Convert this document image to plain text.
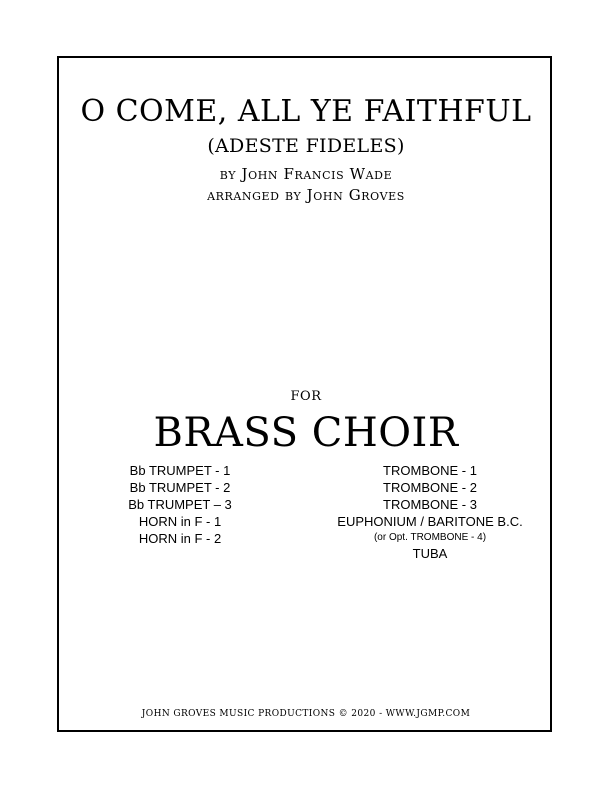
O COME, ALL YE FAITHFUL
(ADESTE FIDELES)
by John Francis Wade
arranged by John Groves
FOR
BRASS CHOIR
Bb TRUMPET - 1
Bb TRUMPET - 2
Bb TRUMPET – 3
HORN in F - 1
HORN in F - 2
TROMBONE - 1
TROMBONE - 2
TROMBONE - 3
EUPHONIUM / BARITONE B.C.
(or Opt. TROMBONE - 4)
TUBA
JOHN GROVES MUSIC PRODUCTIONS © 2020 - WWW.JGMP.COM
